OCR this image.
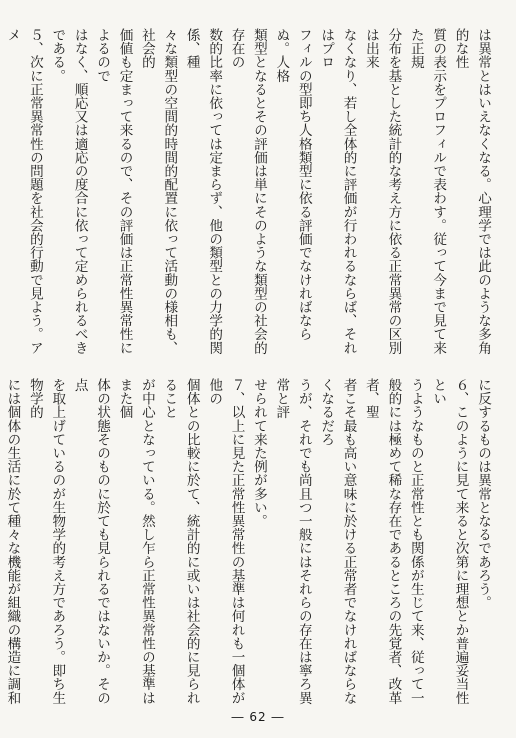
は異常とはいえなくなる。心理学では此のような多角的な性
質の表示をプロフィルで表わす。従って今まで見て来た正規
分布を基とした統計的な考え方に依る正常異常の区別は出来
なくなり、若し全体的に評価が行われるならば、それはプロ
フィルの型即ち人格類型に依る評価でなければならぬ。人格
類型となるとその評価は単にそのような類型の社会的存在の
数的比率に依っては定まらず、他の類型との力学的関係、種
々な類型の空間的時間的配置に依って活動の様相も、社会的
価値も定まって来るので、その評価は正常性異常性によるので
はなく、順応又は適応の度合に依って定められるべきである。
５、次に正常異常性の問題を社会的行動で見よう。アメ

に反するものは異常となるであろう。
６、このように見て来ると次第に理想とか普遍妥当性とい
うようなものと正常性とも関係が生じて来、従って一
般的には極めて稀な存在であるところの先覚者、改革者、聖
者こそ最も高い意味に於ける正常者でなければならなくなるだろ
うが、それでも尚且つ一般にはそれらの存在は寧ろ異常と評
せられて来た例が多い。
７、以上に見た正常性異常性の基準は何れも一個体が他の
個体との比較に於て、統計的に或いは社会的に見られること
が中心となっている。然し乍ら正常性異常性の基準はまた個
体の状態そのものに於ても見られるではないか。その点
を取上げているのが生物学的考え方であろう。即ち生物学的
には個体の生活に於て種々な機能が組織の構造に調和

― 62 ―
